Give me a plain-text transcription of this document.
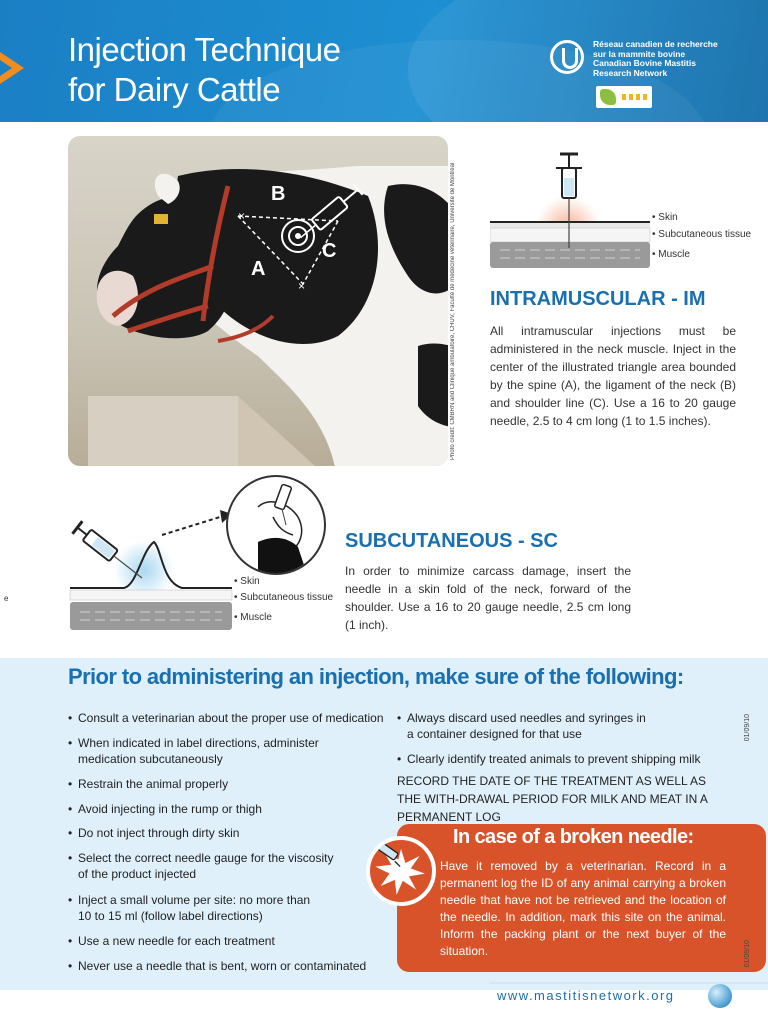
Injection Technique
for Dairy Cattle
Réseau canadien de recherche
sur la mammite bovine
Canadian Bovine Mastitis
Research Network
×
×
B
A
C	Photo credit: CMBRN and Clinique ambulatoire, CHUV, Faculté de médecine vétérinaire, Université de Montréal	• Skin
• Subcutaneous tissue
• Muscle
INTRAMUSCULAR - IM
All intramuscular injections must be administered in the neck muscle. Inject in the center of the illustrated triangle area bounded by the spine (A), the ligament of the neck (B) and shoulder line (C). Use a 16 to 20 gauge needle, 2.5 to 4 cm long (1 to 1.5 inches).
• Skin
• Subcutaneous tissue
• Muscle
e
SUBCUTANEOUS - SC
In order to minimize carcass damage, insert the needle in a skin fold of the neck, forward of the shoulder. Use a 16 to 20 gauge needle, 2.5 cm long (1 inch).
Prior to administering an injection, make sure of the following:
• Consult a veterinarian about the proper use of medication
• When indicated in label directions, administer
medication subcutaneously
• Restrain the animal properly
• Avoid injecting in the rump or thigh
• Do not inject through dirty skin
• Select the correct needle gauge for the viscosity
of the product injected
• Inject a small volume per site: no more than
10 to 15 ml (follow label directions)
• Use a new needle for each treatment
• Never use a needle that is bent, worn or contaminated
• Always discard used needles and syringes in
a container designed for that use
• Clearly identify treated animals to prevent shipping milk
RECORD THE DATE OF THE TREATMENT AS WELL AS THE WITH-DRAWAL PERIOD FOR MILK AND MEAT IN A PERMANENT LOG
01/09/10
In case of a broken needle:
Have it removed by a veterinarian. Record in a permanent log the ID of any animal carrying a broken needle that have not be retrieved and the location of the needle. In addition, mark this site on the animal. Inform the packing plant or the next buyer of the situation.	01/09/10
www.mastitisnetwork.org
